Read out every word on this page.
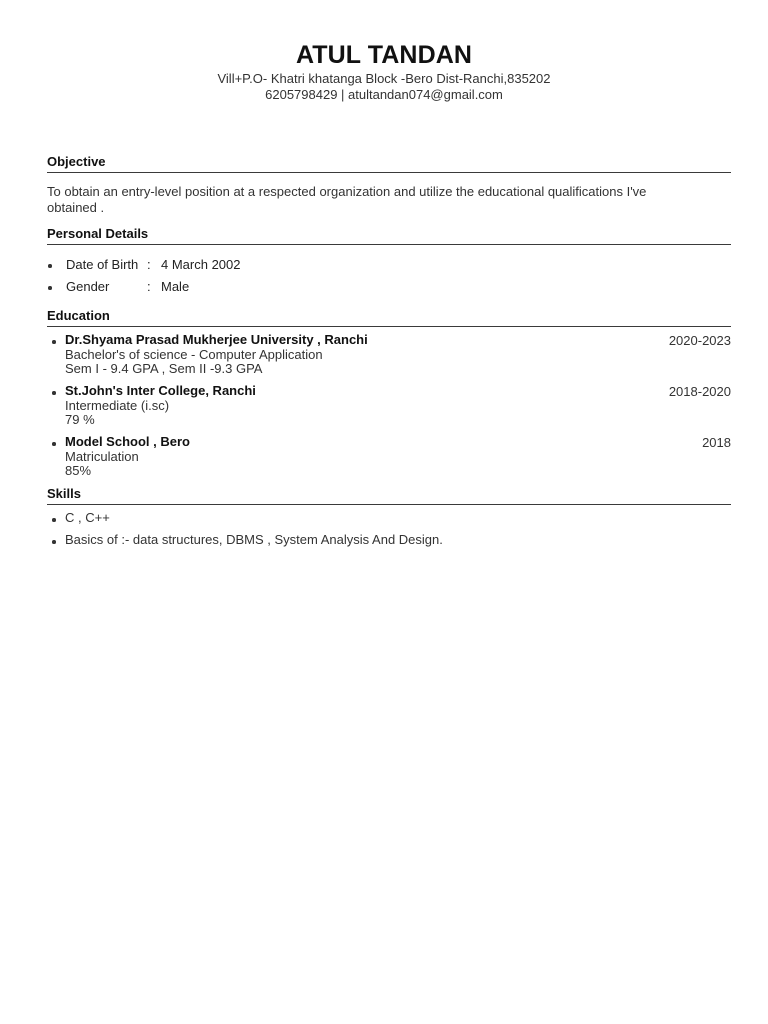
ATUL TANDAN
Vill+P.O- Khatri khatanga Block -Bero Dist-Ranchi,835202
6205798429 | atultandan074@gmail.com
Objective
To obtain an entry-level position at a respected organization and utilize the educational qualifications I've obtained .
Personal Details
Date of Birth : 4 March 2002
Gender	: Male
Education
Dr.Shyama Prasad Mukherjee University , Ranchi	2020-2023
Bachelor's of science - Computer Application
Sem I - 9.4 GPA , Sem II -9.3 GPA
St.John's Inter College, Ranchi	2018-2020
Intermediate (i.sc)
79 %
Model School , Bero	2018
Matriculation
85%
Skills
C , C++
Basics of :- data structures, DBMS , System Analysis And Design.
